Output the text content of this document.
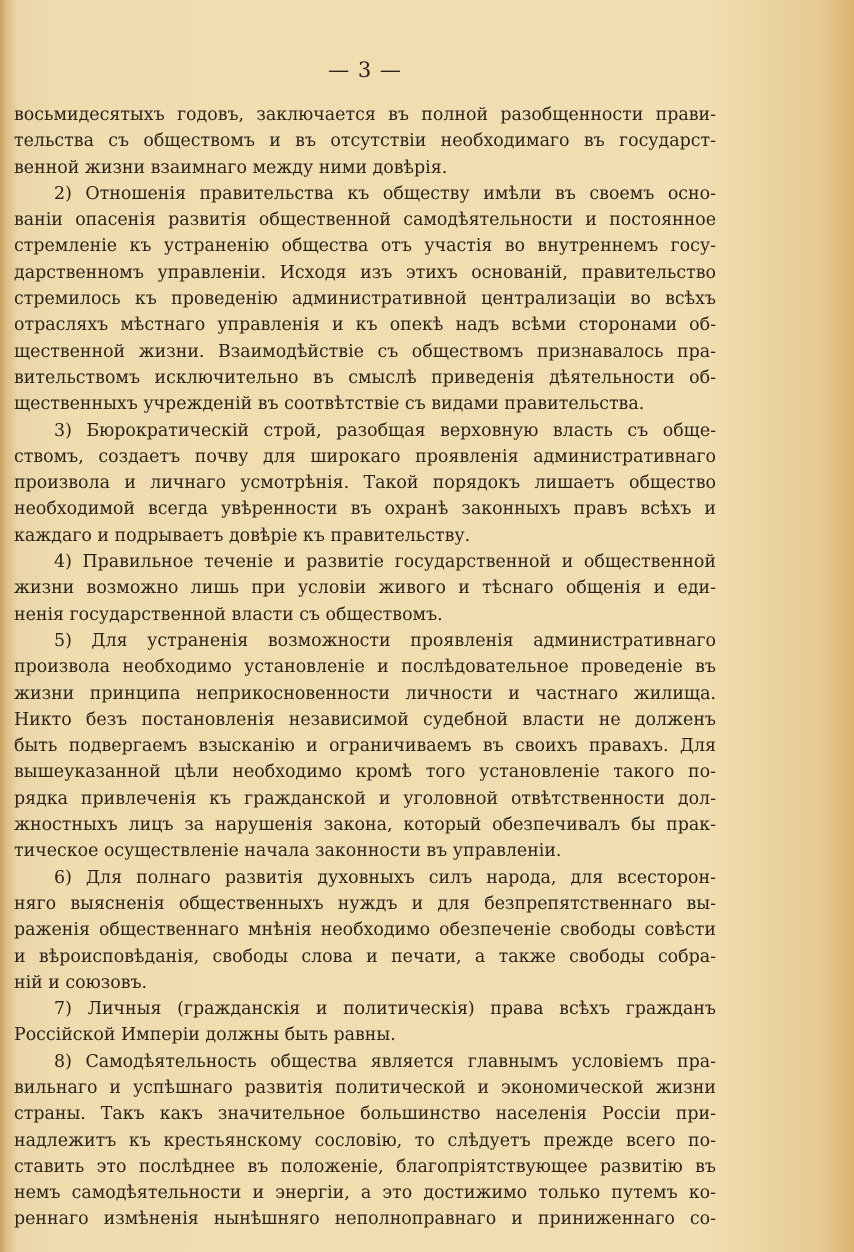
— 3 —
восьмидесятыхъ годовъ, заключается въ полной разобщенности прави-
тельства съ обществомъ и въ отсутствіи необходимаго въ государст-
венной жизни взаимнаго между ними довѣрія.
2) Отношенія правительства къ обществу имѣли въ своемъ осно-
ваніи опасенія развитія общественной самодѣятельности и постоянное
стремленіе къ устраненію общества отъ участія во внутреннемъ госу-
дарственномъ управленіи. Исходя изъ этихъ основаній, правительство
стремилось къ проведенію административной централизаціи во всѣхъ
отрасляхъ мѣстнаго управленія и къ опекѣ надъ всѣми сторонами об-
щественной жизни. Взаимодѣйствіе съ обществомъ признавалось пра-
вительствомъ исключительно въ смыслѣ приведенія дѣятельности об-
щественныхъ учрежденій въ соотвѣтствіе съ видами правительства.
3) Бюрократическій строй, разобщая верховную власть съ обще-
ствомъ, создаетъ почву для широкаго проявленія административнаго
произвола и личнаго усмотрѣнія. Такой порядокъ лишаетъ общество
необходимой всегда увѣренности въ охранѣ законныхъ правъ всѣхъ и
каждаго и подрываетъ довѣріе къ правительству.
4) Правильное теченіе и развитіе государственной и общественной
жизни возможно лишь при условіи живого и тѣснаго общенія и еди-
ненія государственной власти съ обществомъ.
5) Для устраненія возможности проявленія административнаго
произвола необходимо установленіе и послѣдовательное проведеніе въ
жизни принципа неприкосновенности личности и частнаго жилища.
Никто безъ постановленія независимой судебной власти не долженъ
быть подвергаемъ взысканію и ограничиваемъ въ своихъ правахъ. Для
вышеуказанной цѣли необходимо кромѣ того установленіе такого по-
рядка привлеченія къ гражданской и уголовной отвѣтственности дол-
жностныхъ лицъ за нарушенія закона, который обезпечивалъ бы прак-
тическое осуществленіе начала законности въ управленіи.
6) Для полнаго развитія духовныхъ силъ народа, для всесторон-
няго выясненія общественныхъ нуждъ и для безпрепятственнаго вы-
раженія общественнаго мнѣнія необходимо обезпеченіе свободы совѣсти
и вѣроисповѣданія, свободы слова и печати, а также свободы собра-
ній и союзовъ.
7) Личныя (гражданскія и политическія) права всѣхъ гражданъ
Россійской Имперіи должны быть равны.
8) Самодѣятельность общества является главнымъ условіемъ пра-
вильнаго и успѣшнаго развитія политической и экономической жизни
страны. Такъ какъ значительное большинство населенія Россіи при-
надлежитъ къ крестьянскому сословію, то слѣдуетъ прежде всего по-
ставить это послѣднее въ положеніе, благопріятствующее развитію въ
немъ самодѣятельности и энергіи, а это достижимо только путемъ ко-
реннаго измѣненія нынѣшняго неполноправнаго и приниженнаго со-
